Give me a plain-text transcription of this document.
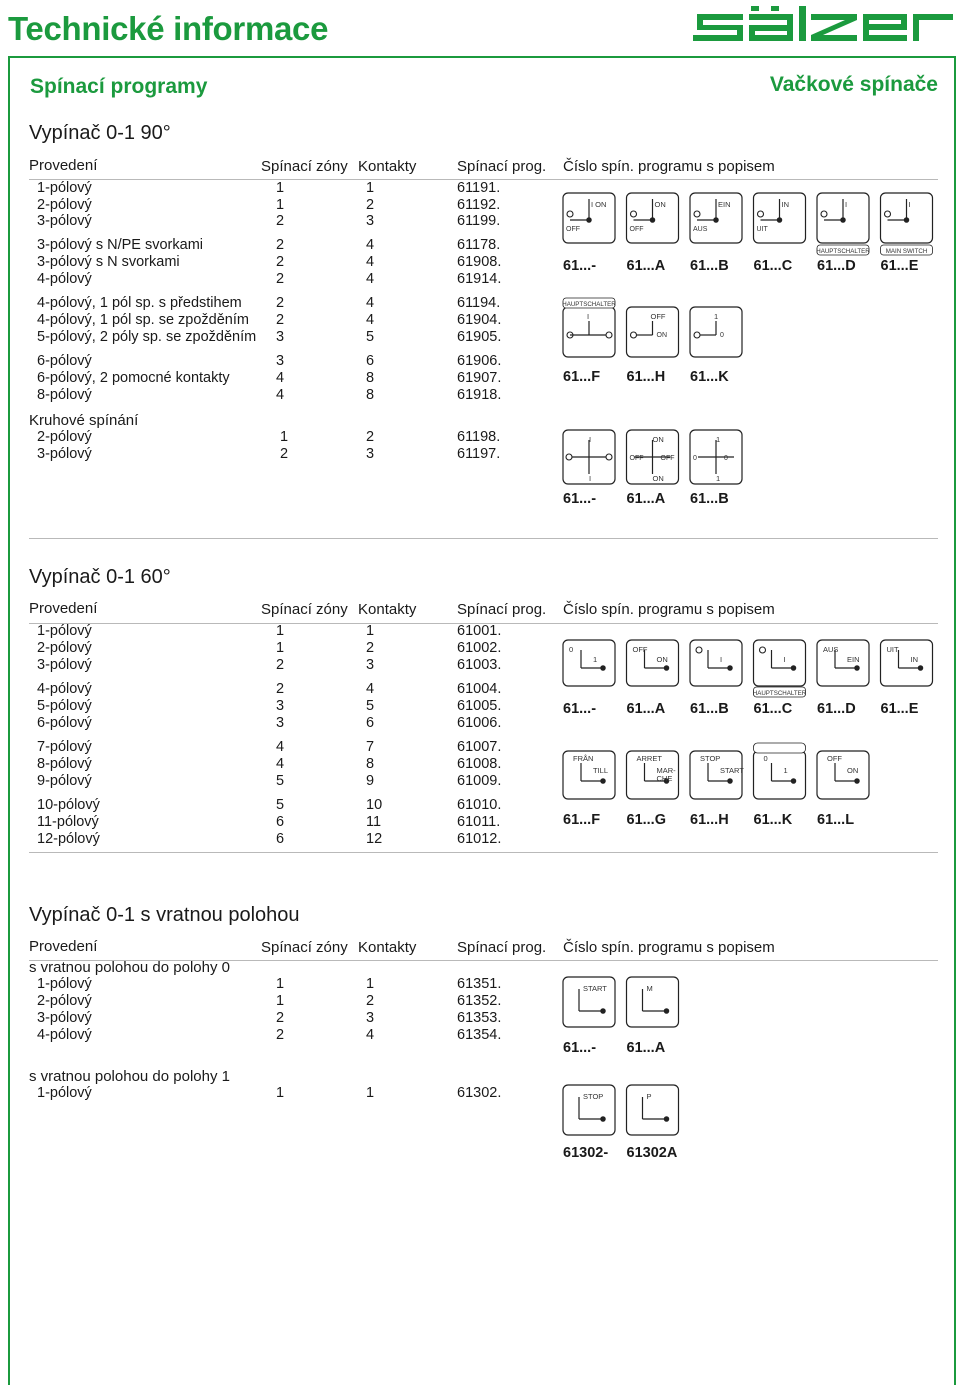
Technické informace
Spínací programy	Vačkové spínače
Vypínač 0-1 90°
Vypínač 0-1 60°
Vypínač 0-1 s vratnou polohou
Provedení	Spínací zóny Kontakty	Spínací prog. Číslo spín. programu s popisem
Provedení	Spínací zóny Kontakty	Spínací prog. Číslo spín. programu s popisem
Provedení	Spínací zóny Kontakty	Spínací prog. Číslo spín. programu s popisem
1-pólový	1	1	61191.
2-pólový	1	2	61192.
3-pólový	2	3	61199.
3-pólový s N/PE svorkami	2	4	61178.
3-pólový s N svorkami	2	4	61908.
4-pólový	2	4	61914.
4-pólový, 1 pól sp. s předstihem 2	4	61194.
4-pólový, 1 pól sp. se zpožděním 2	4	61904.
5-pólový, 2 póly sp. se zpožděním 3	5	61905.
6-pólový	3	6	61906.
6-pólový, 2 pomocné kontakty	4	8	61907.
8-pólový	4	8	61918.
2-pólový	1	2	61198.
3-pólový	2	3	61197.
1-pólový	1	1	61001.
2-pólový	1	2	61002.
3-pólový	2	3	61003.
4-pólový	2	4	61004.
5-pólový	3	5	61005.
6-pólový	3	6	61006.
7-pólový	4	7	61007.
8-pólový	4	8	61008.
9-pólový	5	9	61009.
10-pólový	5	10	61010.
11-pólový	6	11	61011.
12-pólový	6	12	61012.
1-pólový	1	1	61351.
2-pólový	1	2	61352.
3-pólový	2	3	61353.
4-pólový	2	4	61354.
1-pólový	1	1	61302.
Kruhové spínání
s vratnou polohou do polohy 0
s vratnou polohou do polohy 1
I ON
OFF
ON
OFF
EIN
AUS
IN
UIT
I
HAUPTSCHALTER
I
MAIN SWITCH
HAUPTSCHALTER
I	OFF
ON
1
0
I
I
ON
ON
OFF OFF
1
1
0	0
0
1
OFF
ON	I	I
HAUPTSCHALTER
AUS
EIN
UIT
IN
FRÅN
TILL
ARRET
MAR-
CHE
STOP
START
0
1
OFF
ON
START	M
STOP	P
61...- 61...A 61...B 61...C 61...D 61...E
61...F 61...H 61...K
61...- 61...A 61...B
61...- 61...A 61...B 61...C 61...D 61...E
61...F 61...G 61...H 61...K 61...L
61...- 61...A
61302- 61302A
